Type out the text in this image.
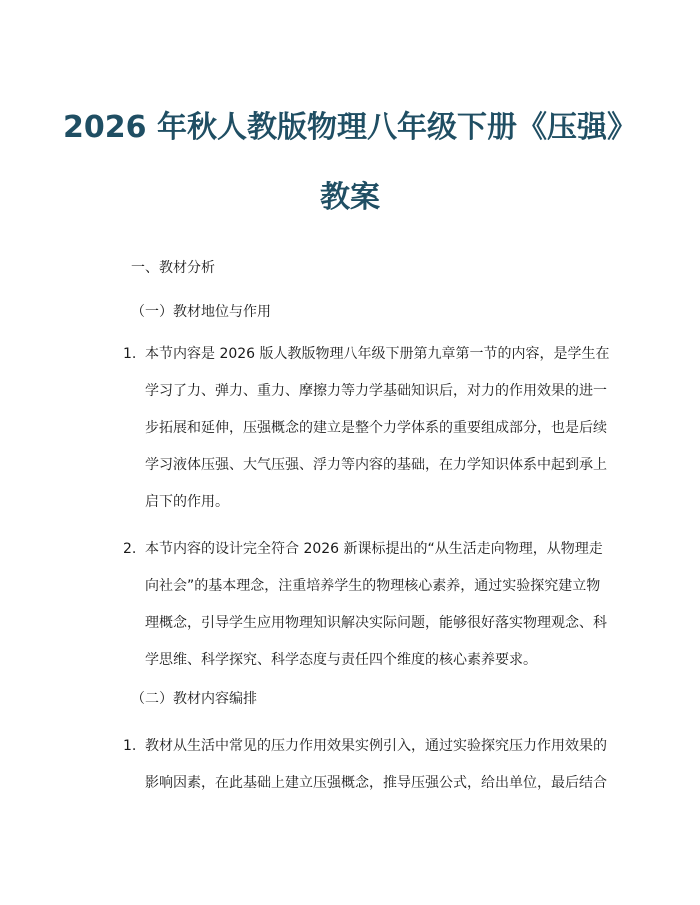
2026 年秋人教版物理八年级下册《压强》
教案

一、教材分析

（一）教材地位与作用

1. 本节内容是 2026 版人教版物理八年级下册第九章第一节的内容，是学生在
学习了力、弹力、重力、摩擦力等力学基础知识后，对力的作用效果的进一
步拓展和延伸，压强概念的建立是整个力学体系的重要组成部分，也是后续
学习液体压强、大气压强、浮力等内容的基础，在力学知识体系中起到承上
启下的作用。
2. 本节内容的设计完全符合 2026 新课标提出的“从生活走向物理，从物理走
向社会”的基本理念，注重培养学生的物理核心素养，通过实验探究建立物
理概念，引导学生应用物理知识解决实际问题，能够很好落实物理观念、科
学思维、科学探究、科学态度与责任四个维度的核心素养要求。

（二）教材内容编排

1. 教材从生活中常见的压力作用效果实例引入，通过实验探究压力作用效果的
影响因素，在此基础上建立压强概念，推导压强公式，给出单位，最后结合
